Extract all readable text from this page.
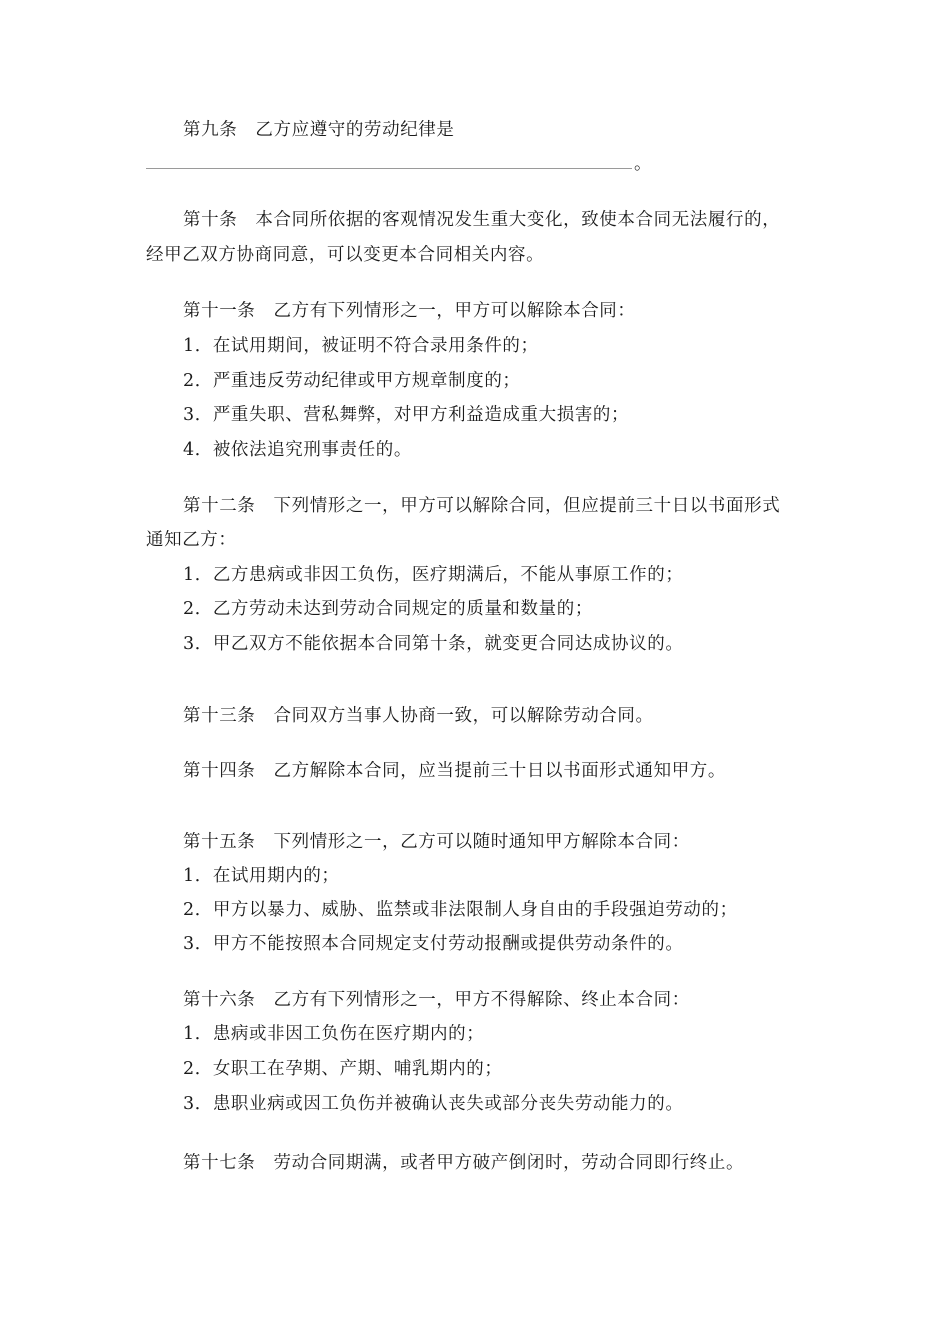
第九条　乙方应遵守的劳动纪律是
。
第十条　本合同所依据的客观情况发生重大变化，致使本合同无法履行的，
经甲乙双方协商同意，可以变更本合同相关内容。
第十一条　乙方有下列情形之一，甲方可以解除本合同：
1．在试用期间，被证明不符合录用条件的；
2．严重违反劳动纪律或甲方规章制度的；
3．严重失职、营私舞弊，对甲方利益造成重大损害的；
4．被依法追究刑事责任的。
第十二条　下列情形之一，甲方可以解除合同，但应提前三十日以书面形式
通知乙方：
1．乙方患病或非因工负伤，医疗期满后，不能从事原工作的；
2．乙方劳动未达到劳动合同规定的质量和数量的；
3．甲乙双方不能依据本合同第十条，就变更合同达成协议的。
第十三条　合同双方当事人协商一致，可以解除劳动合同。
第十四条　乙方解除本合同，应当提前三十日以书面形式通知甲方。
第十五条　下列情形之一，乙方可以随时通知甲方解除本合同：
1．在试用期内的；
2．甲方以暴力、威胁、监禁或非法限制人身自由的手段强迫劳动的；
3．甲方不能按照本合同规定支付劳动报酬或提供劳动条件的。
第十六条　乙方有下列情形之一，甲方不得解除、终止本合同：
1．患病或非因工负伤在医疗期内的；
2．女职工在孕期、产期、哺乳期内的；
3．患职业病或因工负伤并被确认丧失或部分丧失劳动能力的。
第十七条　劳动合同期满，或者甲方破产倒闭时，劳动合同即行终止。
